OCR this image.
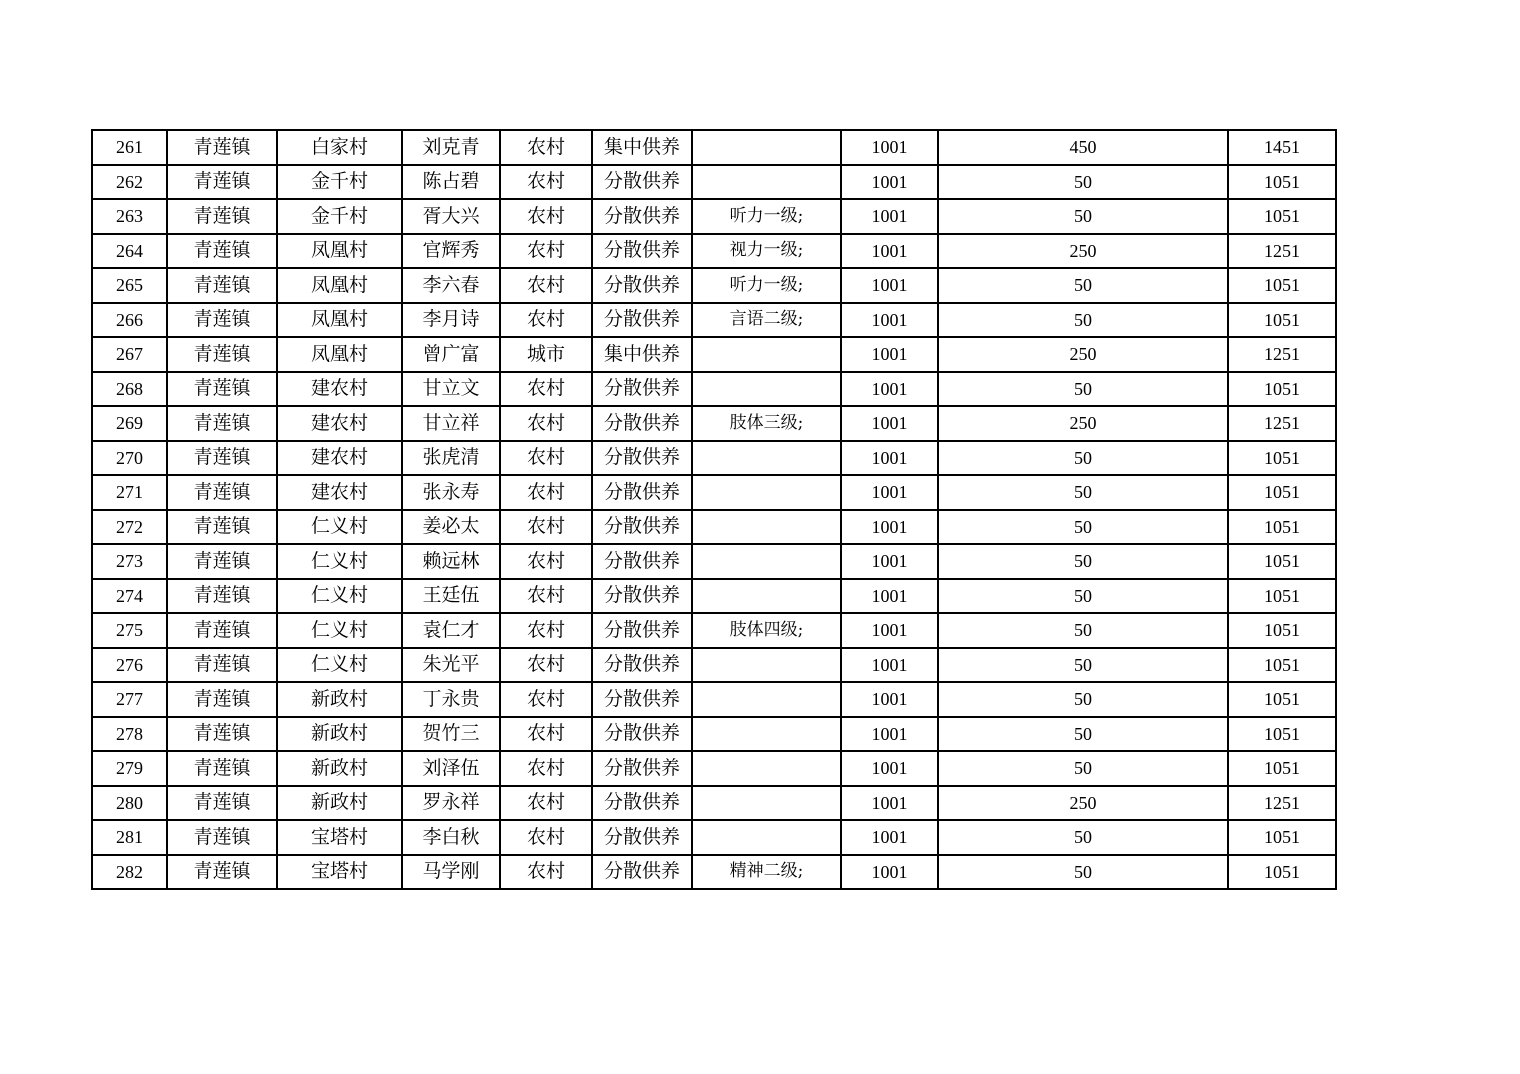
261	青莲镇	白家村	刘克青	农村	集中供养		1001	450	1451
262	青莲镇	金千村	陈占碧	农村	分散供养		1001	50	1051
263	青莲镇	金千村	胥大兴	农村	分散供养	听力一级;	1001	50	1051
264	青莲镇	凤凰村	官辉秀	农村	分散供养	视力一级;	1001	250	1251
265	青莲镇	凤凰村	李六春	农村	分散供养	听力一级;	1001	50	1051
266	青莲镇	凤凰村	李月诗	农村	分散供养	言语二级;	1001	50	1051
267	青莲镇	凤凰村	曾广富	城市	集中供养		1001	250	1251
268	青莲镇	建农村	甘立文	农村	分散供养		1001	50	1051
269	青莲镇	建农村	甘立祥	农村	分散供养	肢体三级;	1001	250	1251
270	青莲镇	建农村	张虎清	农村	分散供养		1001	50	1051
271	青莲镇	建农村	张永寿	农村	分散供养		1001	50	1051
272	青莲镇	仁义村	姜必太	农村	分散供养		1001	50	1051
273	青莲镇	仁义村	赖远林	农村	分散供养		1001	50	1051
274	青莲镇	仁义村	王廷伍	农村	分散供养		1001	50	1051
275	青莲镇	仁义村	袁仁才	农村	分散供养	肢体四级;	1001	50	1051
276	青莲镇	仁义村	朱光平	农村	分散供养		1001	50	1051
277	青莲镇	新政村	丁永贵	农村	分散供养		1001	50	1051
278	青莲镇	新政村	贺竹三	农村	分散供养		1001	50	1051
279	青莲镇	新政村	刘泽伍	农村	分散供养		1001	50	1051
280	青莲镇	新政村	罗永祥	农村	分散供养		1001	250	1251
281	青莲镇	宝塔村	李白秋	农村	分散供养		1001	50	1051
282	青莲镇	宝塔村	马学刚	农村	分散供养	精神二级;	1001	50	1051
